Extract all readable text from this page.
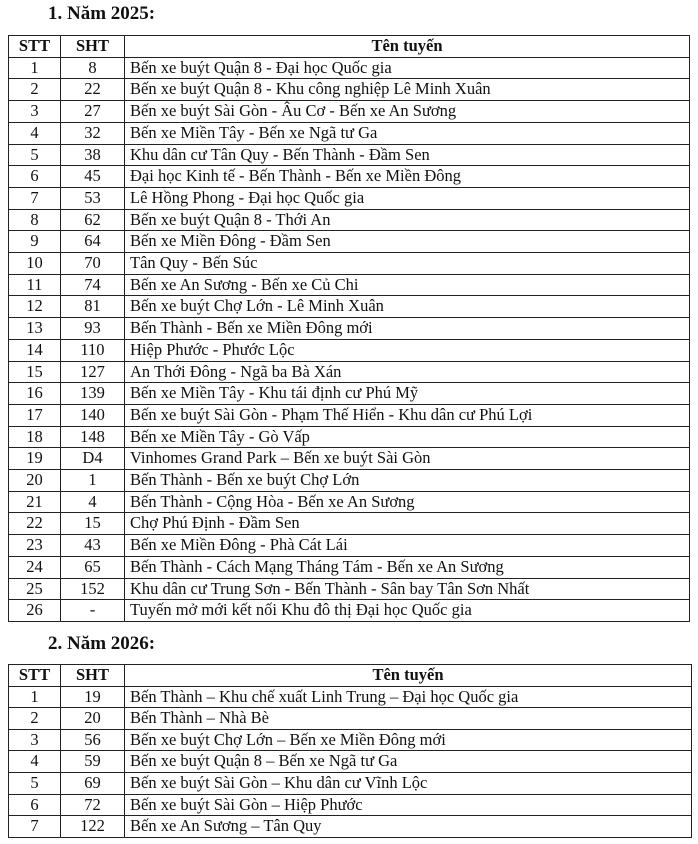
1. Năm 2025:
STT	SHT	Tên tuyến
1	8	Bến xe buýt Quận 8 - Đại học Quốc gia
2	22	Bến xe buýt Quận 8 - Khu công nghiệp Lê Minh Xuân
3	27	Bến xe buýt Sài Gòn - Âu Cơ - Bến xe An Sương
4	32	Bến xe Miền Tây - Bến xe Ngã tư Ga
5	38	Khu dân cư Tân Quy - Bến Thành - Đầm Sen
6	45	Đại học Kinh tế - Bến Thành - Bến xe Miền Đông
7	53	Lê Hồng Phong - Đại học Quốc gia
8	62	Bến xe buýt Quận 8 - Thới An
9	64	Bến xe Miền Đông - Đầm Sen
10	70	Tân Quy - Bến Súc
11	74	Bến xe An Sương - Bến xe Củ Chi
12	81	Bến xe buýt Chợ Lớn - Lê Minh Xuân
13	93	Bến Thành - Bến xe Miền Đông mới
14	110	Hiệp Phước - Phước Lộc
15	127	An Thới Đông - Ngã ba Bà Xán
16	139	Bến xe Miền Tây - Khu tái định cư Phú Mỹ
17	140	Bến xe buýt Sài Gòn - Phạm Thế Hiển - Khu dân cư Phú Lợi
18	148	Bến xe Miền Tây - Gò Vấp
19	D4	Vinhomes Grand Park – Bến xe buýt Sài Gòn
20	1	Bến Thành - Bến xe buýt Chợ Lớn
21	4	Bến Thành - Cộng Hòa - Bến xe An Sương
22	15	Chợ Phú Định - Đầm Sen
23	43	Bến xe Miền Đông - Phà Cát Lái
24	65	Bến Thành - Cách Mạng Tháng Tám - Bến xe An Sương
25	152	Khu dân cư Trung Sơn - Bến Thành - Sân bay Tân Sơn Nhất
26	-	Tuyến mở mới kết nối Khu đô thị Đại học Quốc gia
2. Năm 2026:
STT	SHT	Tên tuyến
1	19	Bến Thành – Khu chế xuất Linh Trung – Đại học Quốc gia
2	20	Bến Thành – Nhà Bè
3	56	Bến xe buýt Chợ Lớn – Bến xe Miền Đông mới
4	59	Bến xe buýt Quận 8 – Bến xe Ngã tư Ga
5	69	Bến xe buýt Sài Gòn – Khu dân cư Vĩnh Lộc
6	72	Bến xe buýt Sài Gòn – Hiệp Phước
7	122	Bến xe An Sương – Tân Quy
